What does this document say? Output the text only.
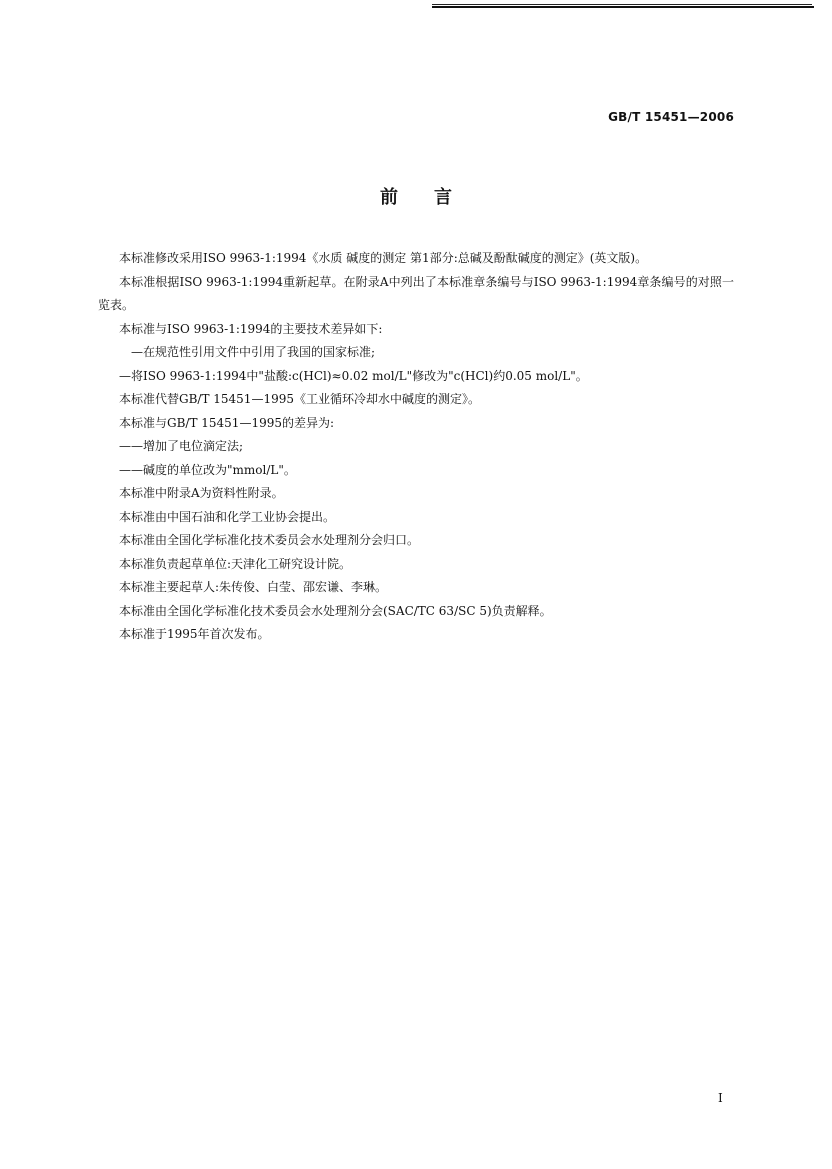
GB/T 15451—2006
前　　言

本标准修改采用ISO 9963-1:1994《水质 碱度的测定 第1部分:总碱及酚酞碱度的测定》(英文版)。

本标准根据ISO 9963-1:1994重新起草。在附录A中列出了本标准章条编号与ISO 9963-1:1994章条编号的对照一览表。

本标准与ISO 9963-1:1994的主要技术差异如下:

—在规范性引用文件中引用了我国的国家标准;

—将ISO 9963-1:1994中"盐酸:c(HCl)≈0.02 mol/L"修改为"c(HCl)约0.05 mol/L"。

本标准代替GB/T 15451—1995《工业循环冷却水中碱度的测定》。

本标准与GB/T 15451—1995的差异为:

——增加了电位滴定法;

——碱度的单位改为"mmol/L"。

本标准中附录A为资料性附录。

本标准由中国石油和化学工业协会提出。

本标准由全国化学标准化技术委员会水处理剂分会归口。

本标准负责起草单位:天津化工研究设计院。

本标准主要起草人:朱传俊、白莹、邵宏谦、李琳。

本标准由全国化学标准化技术委员会水处理剂分会(SAC/TC 63/SC 5)负责解释。

本标准于1995年首次发布。

I
